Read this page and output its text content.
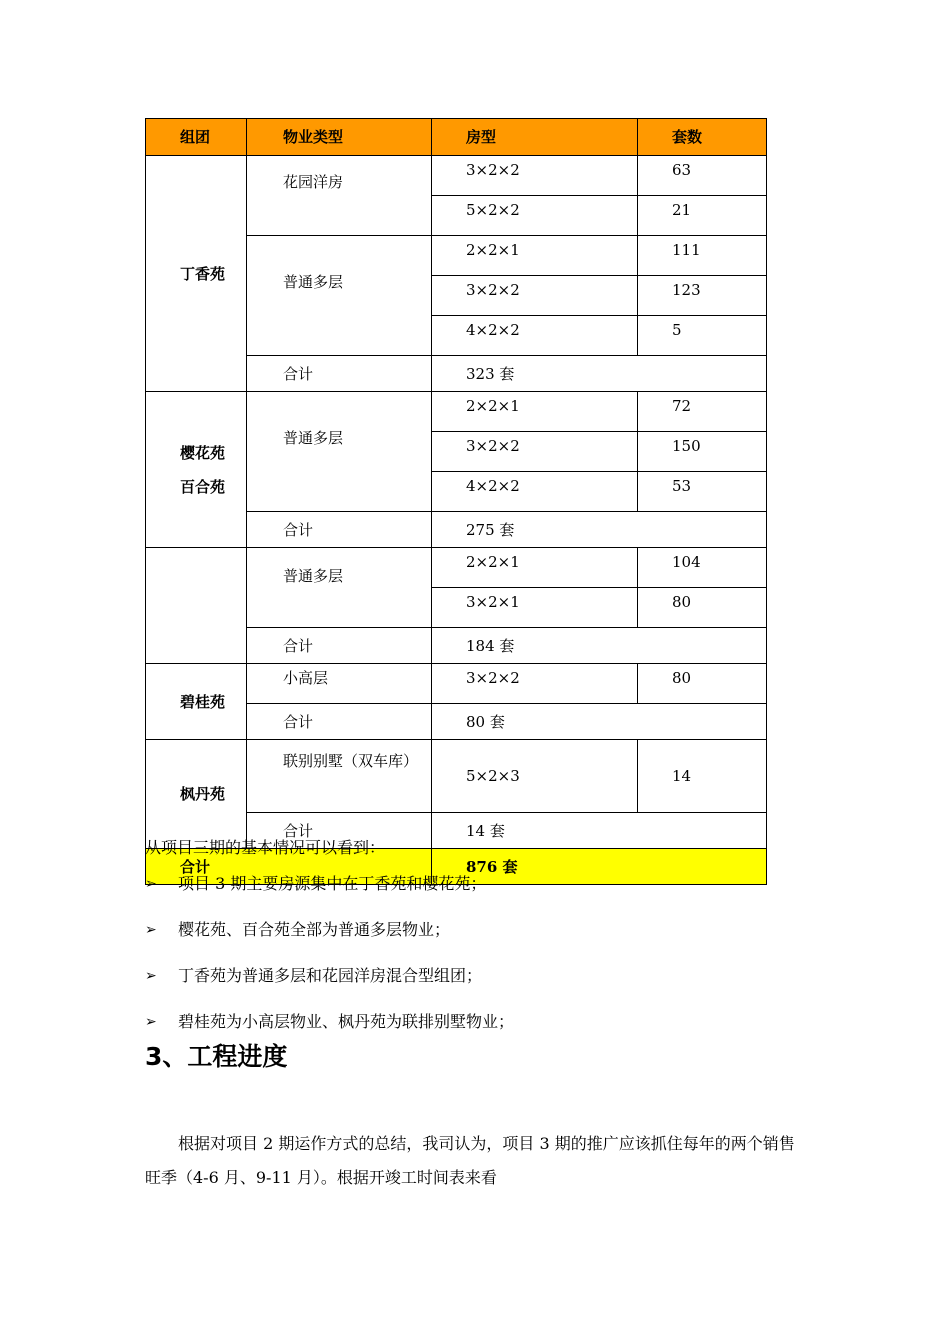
组团	物业类型	房型	套数
丁香苑	花园洋房	3×2×2	63
		5×2×2	21
	普通多层	2×2×1	111
		3×2×2	123
		4×2×2	5
	合计	323 套	

樱花苑
百合苑	普通多层	2×2×1	72
		3×2×2	150
		4×2×2	53
	合计	275 套	
	普通多层	2×2×1	104
		3×2×1	80
	合计	184 套	
碧桂苑	小高层	3×2×2	80
	合计	80 套	
枫丹苑	联别别墅（双车库）	5×2×3	14
	合计	14 套	
合计		876 套	

从项目三期的基本情况可以看到：

➢ 项目 3 期主要房源集中在丁香苑和樱花苑；
➢ 樱花苑、百合苑全部为普通多层物业；
➢ 丁香苑为普通多层和花园洋房混合型组团；
➢ 碧桂苑为小高层物业、枫丹苑为联排别墅物业；
3、工程进度

根据对项目 2 期运作方式的总结，我司认为，项目 3 期的推广应该抓住每年的两个销售旺季（4-6 月、9-11 月）。根据开竣工时间表来看
